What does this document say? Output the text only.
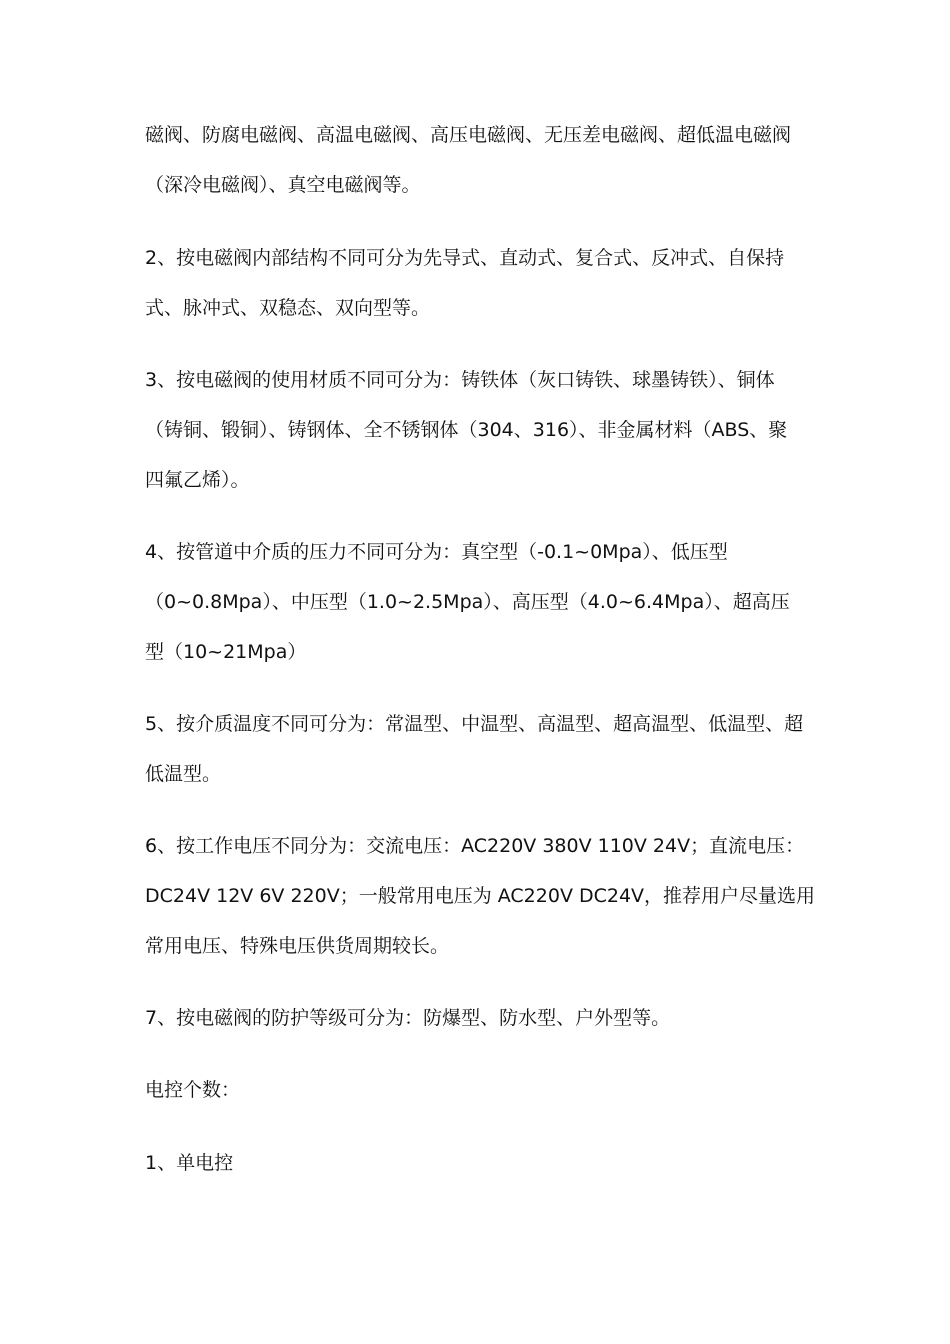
磁阀、防腐电磁阀、高温电磁阀、高压电磁阀、无压差电磁阀、超低温电磁阀
（深冷电磁阀）、真空电磁阀等。
2、按电磁阀内部结构不同可分为先导式、直动式、复合式、反冲式、自保持
式、脉冲式、双稳态、双向型等。
3、按电磁阀的使用材质不同可分为：铸铁体（灰口铸铁、球墨铸铁）、铜体
（铸铜、锻铜）、铸钢体、全不锈钢体（304、316）、非金属材料（ABS、聚
四氟乙烯）。
4、按管道中介质的压力不同可分为：真空型（-0.1~0Mpa）、低压型
（0~0.8Mpa）、中压型（1.0~2.5Mpa）、高压型（4.0~6.4Mpa）、超高压
型（10~21Mpa）
5、按介质温度不同可分为：常温型、中温型、高温型、超高温型、低温型、超
低温型。
6、按工作电压不同分为：交流电压：AC220V 380V 110V 24V；直流电压：
DC24V 12V 6V 220V；一般常用电压为 AC220V DC24V，推荐用户尽量选用
常用电压、特殊电压供货周期较长。
7、按电磁阀的防护等级可分为：防爆型、防水型、户外型等。
电控个数：
1、单电控
